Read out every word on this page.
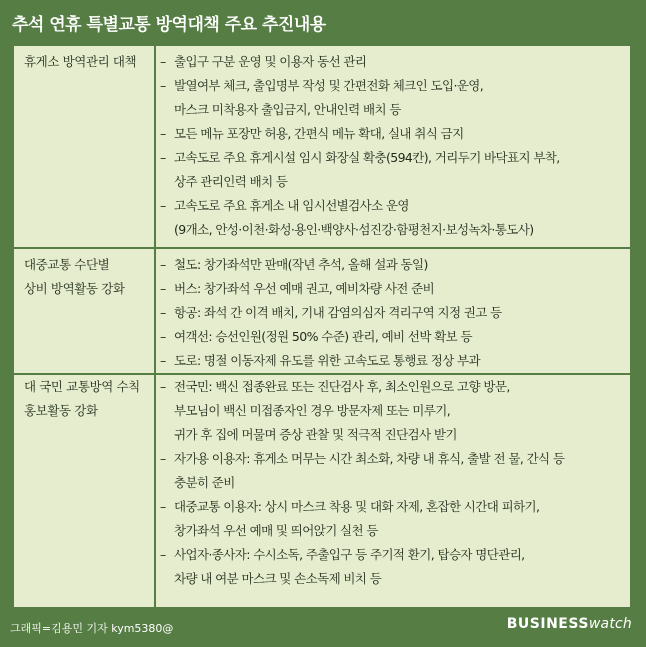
추석 연휴 특별교통 방역대책 주요 추진내용
휴게소 방역관리 대책	– 출입구 구분 운영 및 이용자 동선 관리
– 발열여부 체크, 출입명부 작성 및 간편전화 체크인 도입·운영,
마스크 미착용자 출입금지, 안내인력 배치 등
– 모든 메뉴 포장만 허용, 간편식 메뉴 확대, 실내 취식 금지
– 고속도로 주요 휴게시설 임시 화장실 확충(594칸), 거리두기 바닥표지 부착,
상주 관리인력 배치 등
– 고속도로 주요 휴게소 내 임시선별검사소 운영
(9개소, 안성·이천·화성·용인·백양사·섬진강·함평천지·보성녹차·통도사)
대중교통 수단별
상비 방역활동 강화
– 철도: 창가좌석만 판매(작년 추석, 올해 설과 동일)
– 버스: 창가좌석 우선 예매 권고, 예비차량 사전 준비
– 항공: 좌석 간 이격 배치, 기내 감염의심자 격리구역 지정 권고 등
– 여객선: 승선인원(정원 50% 수준) 관리, 예비 선박 확보 등
– 도로: 명절 이동자제 유도를 위한 고속도로 통행료 정상 부과
대 국민 교통방역 수칙
홍보활동 강화
– 전국민: 백신 접종완료 또는 진단검사 후, 최소인원으로 고향 방문,
부모님이 백신 미접종자인 경우 방문자제 또는 미루기,
귀가 후 집에 머물며 증상 관찰 및 적극적 진단검사 받기
– 자가용 이용자: 휴게소 머무는 시간 최소화, 차량 내 휴식, 출발 전 물, 간식 등
충분히 준비
– 대중교통 이용자: 상시 마스크 착용 및 대화 자제, 혼잡한 시간대 피하기,
창가좌석 우선 예매 및 띄어앉기 실천 등
– 사업자·종사자: 수시소독, 주출입구 등 주기적 환기, 탑승자 명단관리,
차량 내 여분 마스크 및 손소독제 비치 등
그래픽=김용민 기자 kym5380@	BUSINESSwatch
